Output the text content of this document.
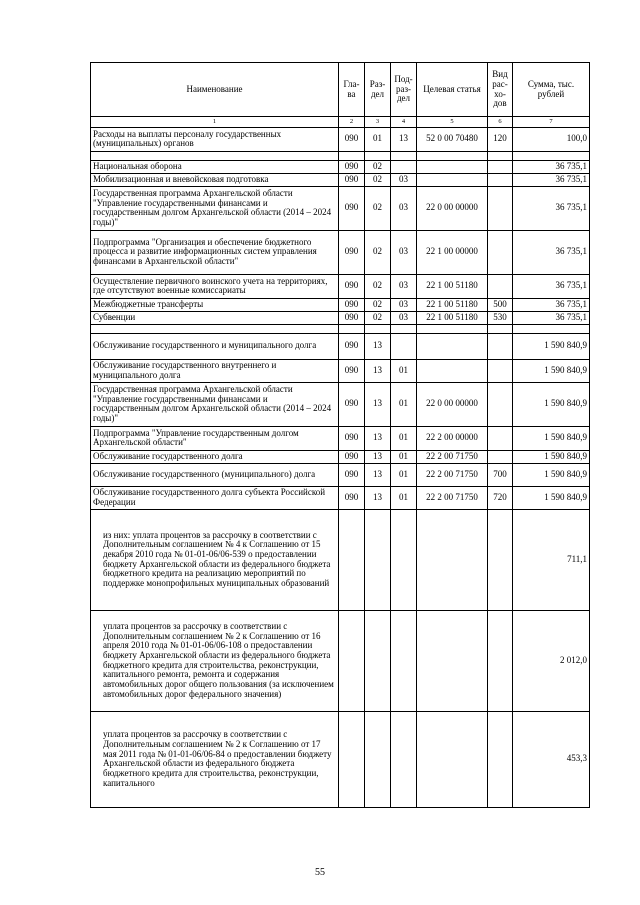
Наименование	Гла-ва	Раз-дел	Под-раз-дел	Целевая статья	Вид рас-хо-дов	Сумма, тыс. рублей
1	2	3	4	5	6	7
Расходы на выплаты персоналу государственных (муниципальных) органов	090	01	13	52 0 00 70480	120	100,0

Национальная оборона	090	02				36 735,1
Мобилизационная и вневойсковая подготовка	090	02	03			36 735,1
Государственная программа Архангельской области "Управление государственными финансами и государственным долгом Архангельской области (2014 – 2024 годы)"	090	02	03	22 0 00 00000		36 735,1
Подпрограмма "Организация и обеспечение бюджетного процесса и развитие информационных систем управления финансами в Архангельской области"	090	02	03	22 1 00 00000		36 735,1
Осуществление первичного воинского учета на территориях, где отсутствуют военные комиссариаты	090	02	03	22 1 00 51180		36 735,1
Межбюджетные трансферты	090	02	03	22 1 00 51180	500	36 735,1
Субвенции	090	02	03	22 1 00 51180	530	36 735,1

Обслуживание государственного и муниципального долга	090	13				1 590 840,9
Обслуживание государственного внутреннего и муниципального долга	090	13	01			1 590 840,9
Государственная программа Архангельской области "Управление государственными финансами и государственным долгом Архангельской области (2014 – 2024 годы)"	090	13	01	22 0 00 00000		1 590 840,9
Подпрограмма "Управление государственным долгом Архангельской области"	090	13	01	22 2 00 00000		1 590 840,9
Обслуживание государственного долга	090	13	01	22 2 00 71750		1 590 840,9
Обслуживание государственного (муниципального) долга	090	13	01	22 2 00 71750	700	1 590 840,9
Обслуживание государственного долга субъекта Российской Федерации	090	13	01	22 2 00 71750	720	1 590 840,9
из них: уплата процентов за рассрочку в соответствии с Дополнительным соглашением № 4 к Соглашению от 15 декабря 2010 года № 01-01-06/06-539 о предоставлении бюджету Архангельской области из федерального бюджета бюджетного кредита на реализацию мероприятий по поддержке монопрофильных муниципальных образований						711,1
уплата процентов за рассрочку в соответствии с Дополнительным соглашением № 2 к Соглашению от 16 апреля 2010 года № 01-01-06/06-108 о предоставлении бюджету Архангельской области из федерального бюджета бюджетного кредита для строительства, реконструкции, капитального ремонта, ремонта и содержания автомобильных дорог общего пользования (за исключением автомобильных дорог федерального значения)						2 012,0
уплата процентов за рассрочку в соответствии с Дополнительным соглашением № 2 к Соглашению от 17 мая 2011 года № 01-01-06/06-84 о предоставлении бюджету Архангельской области из федерального бюджета бюджетного кредита для строительства, реконструкции, капитального						453,3
55
